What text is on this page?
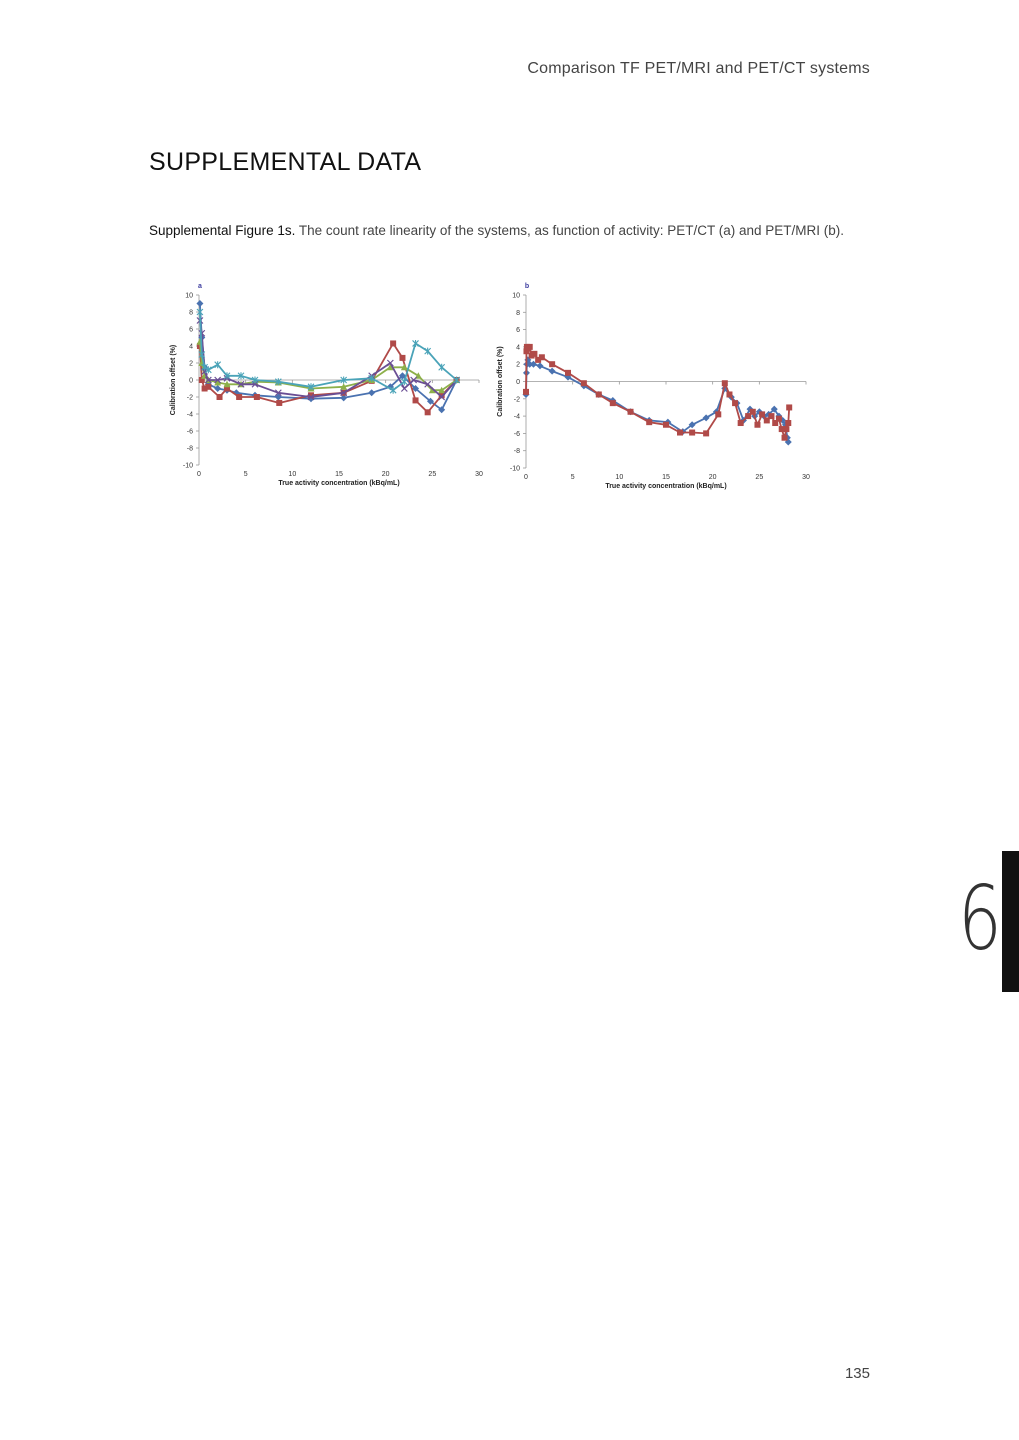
Comparison TF PET/MRI and PET/CT systems
SUPPLEMENTAL DATA

Supplemental Figure 1s. The count rate linearity of the systems, as function of activity: PET/CT (a) and PET/MRI (b).

a
10
8
6
4
2
0
-2
-4
-6
-8
-10
0	5	10	15	20	25	30
True activity concentration (kBq/mL)
Calibration offset (%)
b
10
8
6
4
2
0
-2
-4
-6
-8
-10
0	5	10	15	20	25	30
True activity concentration (kBq/mL)
Calibration offset (%)
6
135
